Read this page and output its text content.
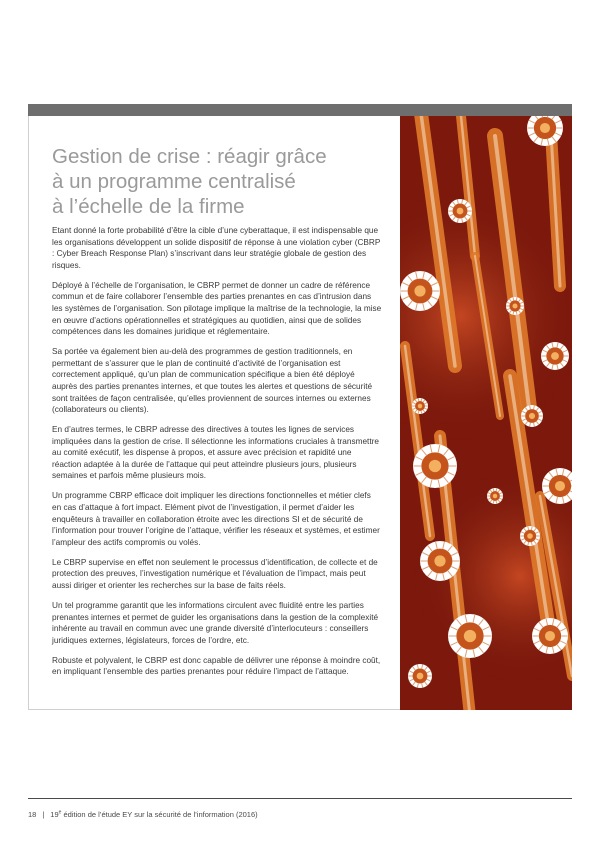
Gestion de crise : réagir grâce
à un programme centralisé
à l’échelle de la firme

Etant donné la forte probabilité d’être la cible d’une cyberattaque, il est indispensable que les organisations développent un solide dispositif de réponse à une violation cyber (CBRP : Cyber Breach Response Plan) s’inscrivant dans leur stratégie globale de gestion des risques.

Déployé à l’échelle de l’organisation, le CBRP permet de donner un cadre de référence commun et de faire collaborer l’ensemble des parties prenantes en cas d’intrusion dans les systèmes de l’organisation. Son pilotage implique la maîtrise de la technologie, la mise en œuvre d’actions opérationnelles et stratégiques au quotidien, ainsi que de solides compétences dans les domaines juridique et réglementaire.

Sa portée va également bien au-delà des programmes de gestion traditionnels, en permettant de s’assurer que le plan de continuité d’activité de l’organisation est correctement appliqué, qu’un plan de communication spécifique a bien été déployé auprès des parties prenantes internes, et que toutes les alertes et questions de sécurité sont traitées de façon centralisée, qu’elles proviennent de sources internes ou externes (collaborateurs ou clients).

En d’autres termes, le CBRP adresse des directives à toutes les lignes de services impliquées dans la gestion de crise. Il sélectionne les informations cruciales à transmettre au comité exécutif, les dispense à propos, et assure avec précision et rapidité une réaction adaptée à la durée de l’attaque qui peut atteindre plusieurs jours, plusieurs semaines et parfois même plusieurs mois.

Un programme CBRP efficace doit impliquer les directions fonctionnelles et métier clefs en cas d’attaque à fort impact. Elément pivot de l’investigation, il permet d’aider les enquêteurs à travailler en collaboration étroite avec les directions SI et de sécurité de l’information pour trouver l’origine de l’attaque, vérifier les réseaux et systèmes, et estimer l’ampleur des actifs compromis ou volés.

Le CBRP supervise en effet non seulement le processus d’identification, de collecte et de protection des preuves, l’investigation numérique et l’évaluation de l’impact, mais peut aussi diriger et orienter les recherches sur la base de faits réels.

Un tel programme garantit que les informations circulent avec fluidité entre les parties prenantes internes et permet de guider les organisations dans la gestion de la complexité inhérente au travail en commun avec une grande diversité d’interlocuteurs : conseillers juridiques externes, législateurs, forces de l’ordre, etc.

Robuste et polyvalent, le CBRP est donc capable de délivrer une réponse à moindre coût, en impliquant l’ensemble des parties prenantes pour réduire l’impact de l’attaque.

18 | 19e édition de l’étude EY sur la sécurité de l’information (2016)
